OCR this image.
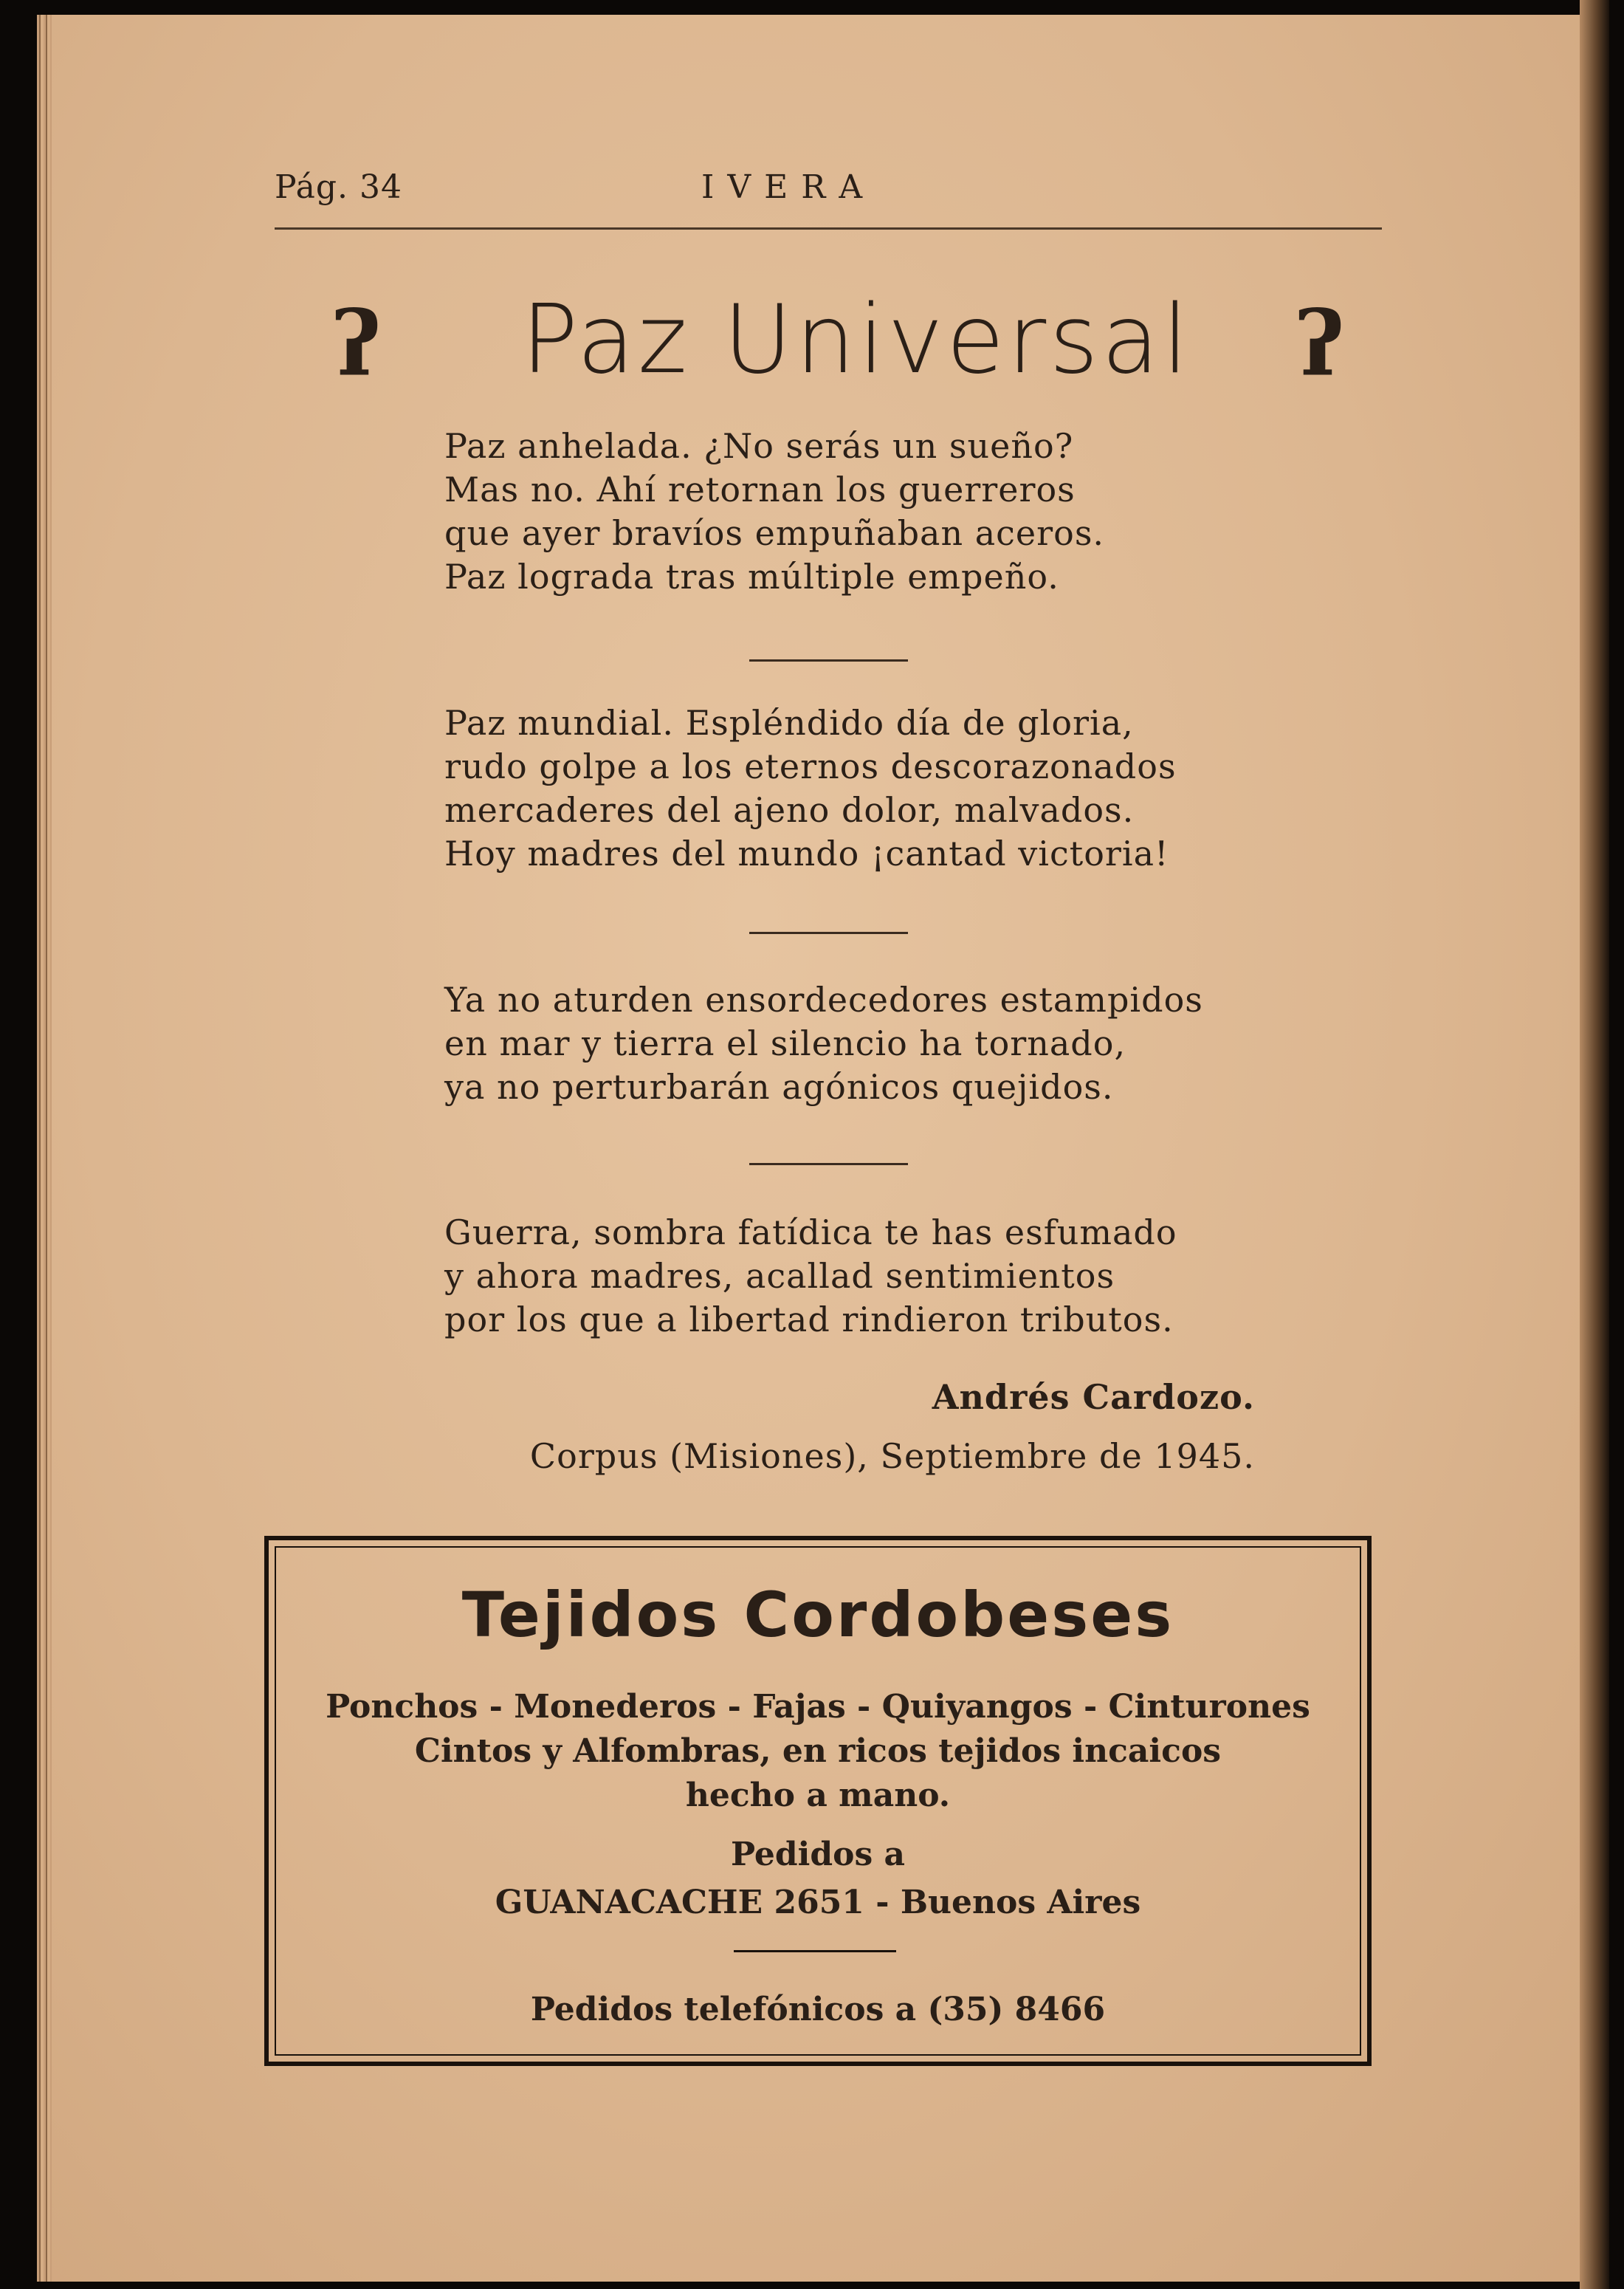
Pág. 34	IVERA
ʔ	Paz Universal	ʔ
Paz anhelada. ¿No serás un sueño?
Mas no. Ahí retornan los guerreros
que ayer bravíos empuñaban aceros.
Paz lograda tras múltiple empeño.
Paz mundial. Espléndido día de gloria,
rudo golpe a los eternos descorazonados
mercaderes del ajeno dolor, malvados.
Hoy madres del mundo ¡cantad victoria!
Ya no aturden ensordecedores estampidos
en mar y tierra el silencio ha tornado,
ya no perturbarán agónicos quejidos.
Guerra, sombra fatídica te has esfumado
y ahora madres, acallad sentimientos
por los que a libertad rindieron tributos.
Andrés Cardozo.
Corpus (Misiones), Septiembre de 1945.
Tejidos Cordobeses
Ponchos - Monederos - Fajas - Quiyangos - Cinturones
Cintos y Alfombras, en ricos tejidos incaicos
hecho a mano.
Pedidos a
GUANACACHE 2651 - Buenos Aires
Pedidos telefónicos a (35) 8466
